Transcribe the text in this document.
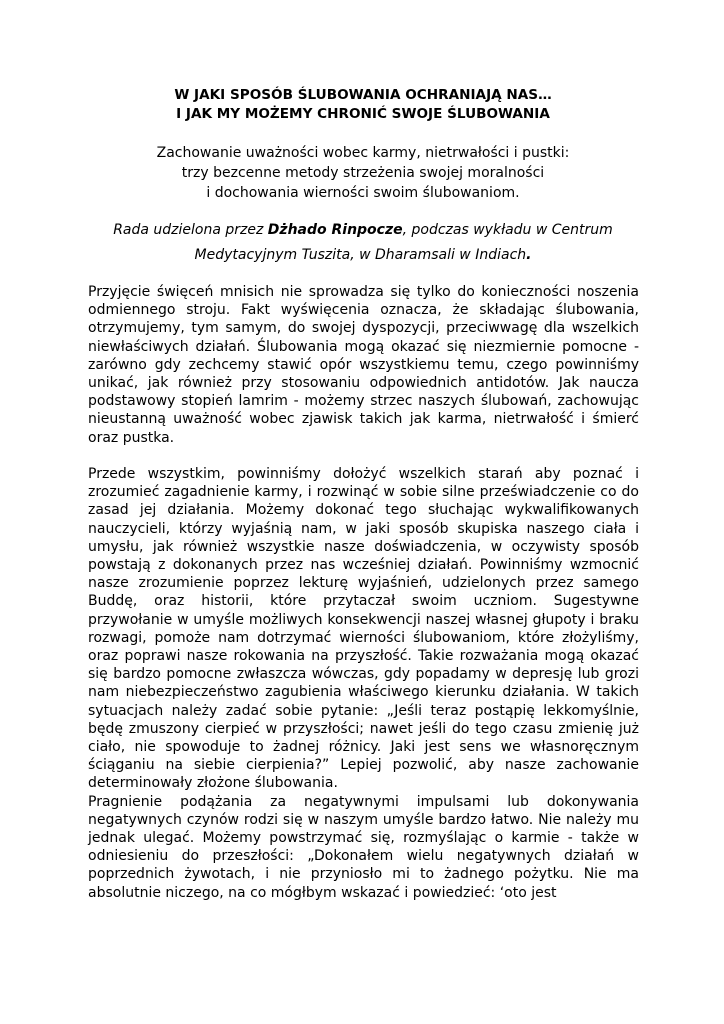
W JAKI SPOSÓB ŚLUBOWANIA OCHRANIAJĄ NAS…
I JAK MY MOŻEMY CHRONIĆ SWOJE ŚLUBOWANIA

Zachowanie uważności wobec karmy, nietrwałości i pustki:
trzy bezcenne metody strzeżenia swojej moralności
i dochowania wierności swoim ślubowaniom.

Rada udzielona przez Dżhado Rinpocze, podczas wykładu w Centrum Medytacyjnym Tuszita, w Dharamsali w Indiach.

Przyjęcie święceń mnisich nie sprowadza się tylko do konieczności noszenia odmiennego stroju. Fakt wyświęcenia oznacza, że składając ślubowania, otrzymujemy, tym samym, do swojej dyspozycji, przeciwwagę dla wszelkich niewłaściwych działań. Ślubowania mogą okazać się niezmiernie pomocne - zarówno gdy zechcemy stawić opór wszystkiemu temu, czego powinniśmy unikać, jak również przy stosowaniu odpowiednich antidotów. Jak naucza podstawowy stopień lamrim - możemy strzec naszych ślubowań, zachowując nieustanną uważność wobec zjawisk takich jak karma, nietrwałość i śmierć oraz pustka.

Przede wszystkim, powinniśmy dołożyć wszelkich starań aby poznać i zrozumieć zagadnienie karmy, i rozwinąć w sobie silne przeświadczenie co do zasad jej działania. Możemy dokonać tego słuchając wykwalifikowanych nauczycieli, którzy wyjaśnią nam, w jaki sposób skupiska naszego ciała i umysłu, jak również wszystkie nasze doświadczenia, w oczywisty sposób powstają z dokonanych przez nas wcześniej działań. Powinniśmy wzmocnić nasze zrozumienie poprzez lekturę wyjaśnień, udzielonych przez samego Buddę, oraz historii, które przytaczał swoim uczniom. Sugestywne przywołanie w umyśle możliwych konsekwencji naszej własnej głupoty i braku rozwagi, pomoże nam dotrzymać wierności ślubowaniom, które złożyliśmy, oraz poprawi nasze rokowania na przyszłość. Takie rozważania mogą okazać się bardzo pomocne zwłaszcza wówczas, gdy popadamy w depresję lub grozi nam niebezpieczeństwo zagubienia właściwego kierunku działania. W takich sytuacjach należy zadać sobie pytanie: „Jeśli teraz postąpię lekkomyślnie, będę zmuszony cierpieć w przyszłości; nawet jeśli do tego czasu zmienię już ciało, nie spowoduje to żadnej różnicy. Jaki jest sens we własnoręcznym ściąganiu na siebie cierpienia?” Lepiej pozwolić, aby nasze zachowanie determinowały złożone ślubowania.

Pragnienie podążania za negatywnymi impulsami lub dokonywania negatywnych czynów rodzi się w naszym umyśle bardzo łatwo. Nie należy mu jednak ulegać. Możemy powstrzymać się, rozmyślając o karmie - także w odniesieniu do przeszłości: „Dokonałem wielu negatywnych działań w poprzednich żywotach, i nie przyniosło mi to żadnego pożytku. Nie ma absolutnie niczego, na co mógłbym wskazać i powiedzieć: ‘oto jest
